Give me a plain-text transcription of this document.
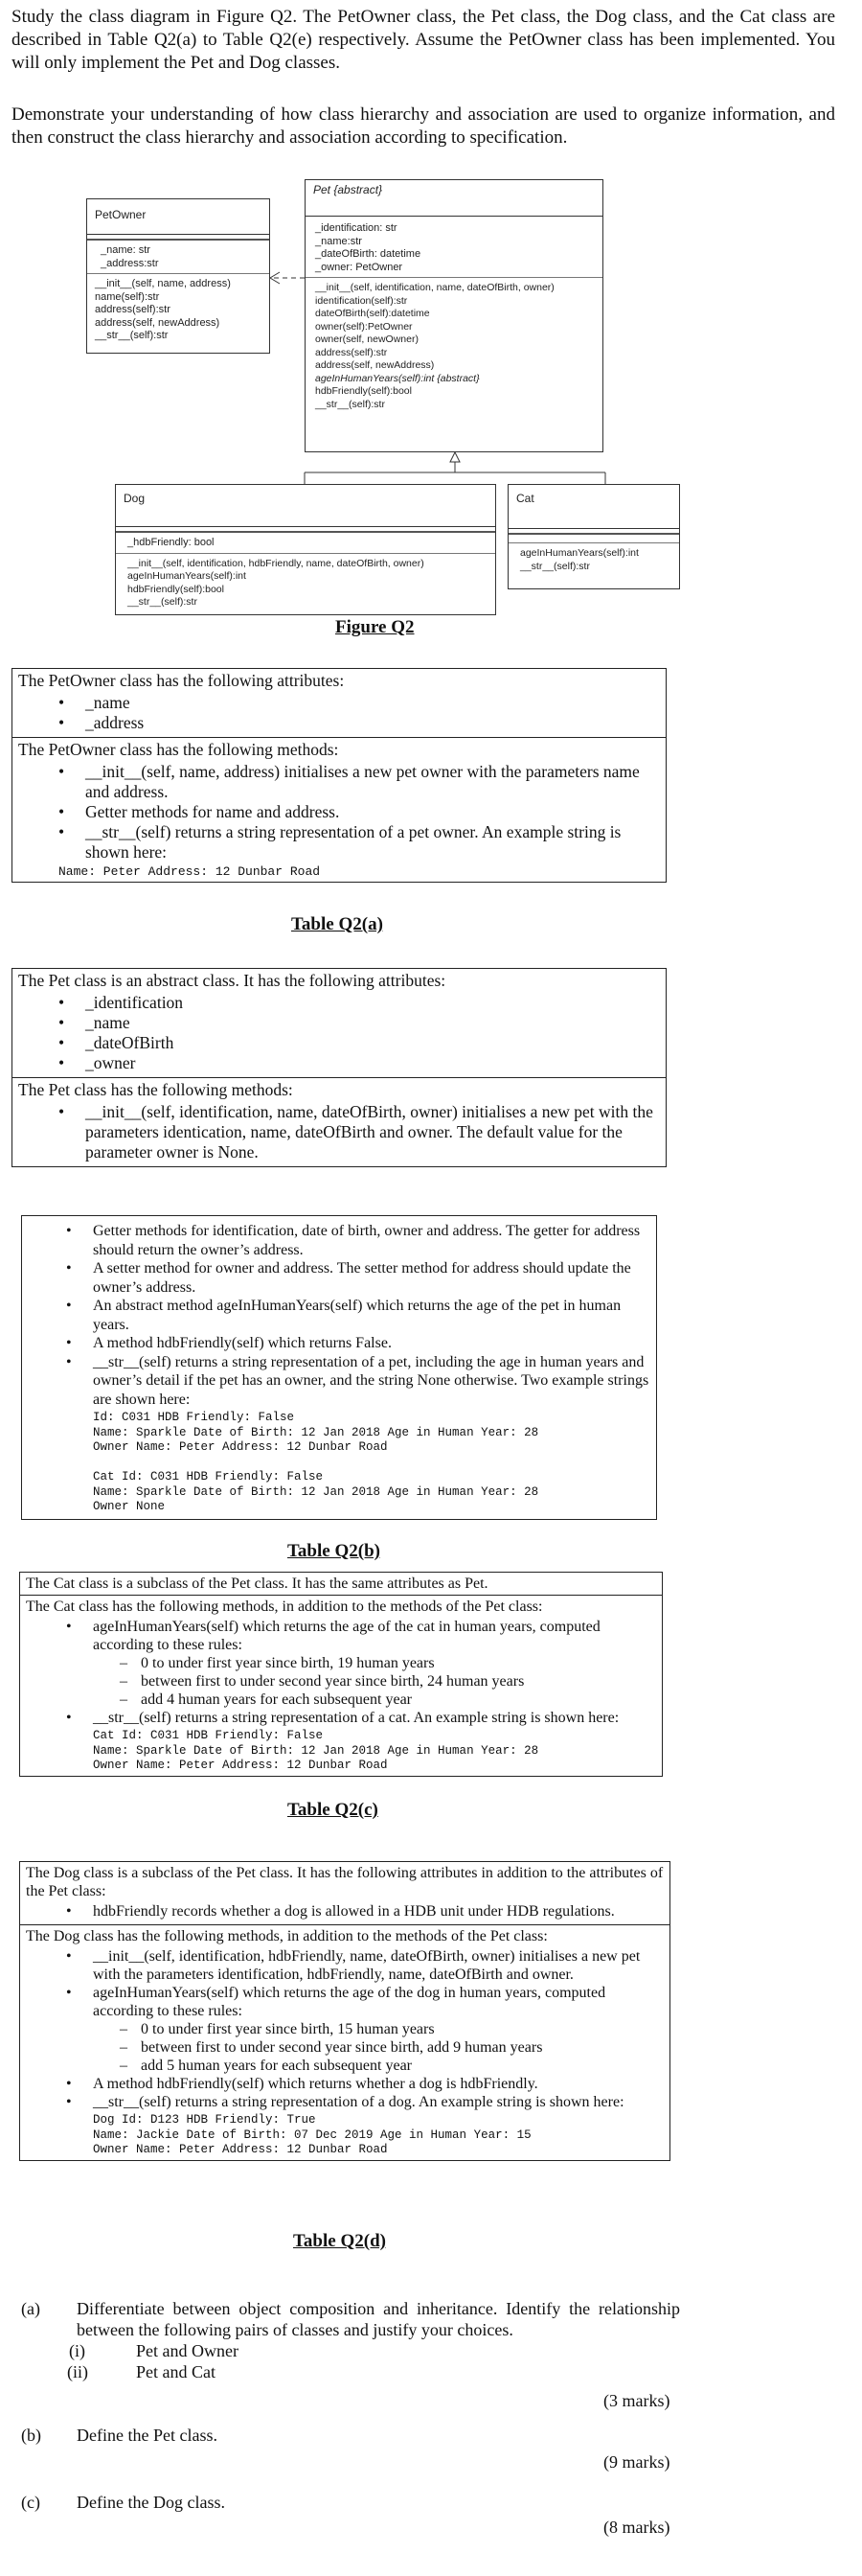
Study the class diagram in Figure Q2. The PetOwner class, the Pet class, the Dog class, and the Cat class are described in Table Q2(a) to Table Q2(e) respectively. Assume the PetOwner class has been implemented. You will only implement the Pet and Dog classes.

Demonstrate your understanding of how class hierarchy and association are used to organize information, and then construct the class hierarchy and association according to specification.

PetOwner
_name: str
_address:str
__init__(self, name, address)
name(self):str
address(self):str
address(self, newAddress)
__str__(self):str
Pet {abstract}
_identification: str
_name:str
_dateOfBirth: datetime
_owner: PetOwner
__init__(self, identification, name, dateOfBirth, owner)
identification(self):str
dateOfBirth(self):datetime
owner(self):PetOwner
owner(self, newOwner)
address(self):str
address(self, newAddress)
ageInHumanYears(self):int {abstract}
hdbFriendly(self):bool
__str__(self):str
Dog
_hdbFriendly: bool
__init__(self, identification, hdbFriendly, name, dateOfBirth, owner)
ageInHumanYears(self):int
hdbFriendly(self):bool
__str__(self):str
Cat
ageInHumanYears(self):int
__str__(self):str
Figure Q2
The PetOwner class has the following attributes:
• _name
• _address
The PetOwner class has the following methods:
• __init__(self, name, address) initialises a new pet owner with the parameters name and address.
• Getter methods for name and address.
• __str__(self) returns a string representation of a pet owner. An example string is shown here:
Name: Peter Address: 12 Dunbar Road
Table Q2(a)
The Pet class is an abstract class. It has the following attributes:
• _identification
• _name
• _dateOfBirth
• _owner
The Pet class has the following methods:
• __init__(self, identification, name, dateOfBirth, owner) initialises a new pet with the parameters identication, name, dateOfBirth and owner. The default value for the parameter owner is None.
• Getter methods for identification, date of birth, owner and address. The getter for address should return the owner’s address.
• A setter method for owner and address. The setter method for address should update the owner’s address.
• An abstract method ageInHumanYears(self) which returns the age of the pet in human years.
• A method hdbFriendly(self) which returns False.
• __str__(self) returns a string representation of a pet, including the age in human years and owner’s detail if the pet has an owner, and the string None otherwise. Two example strings are shown here:
Id: C031 HDB Friendly: False
Name: Sparkle Date of Birth: 12 Jan 2018 Age in Human Year: 28
Owner Name: Peter Address: 12 Dunbar Road

Cat Id: C031 HDB Friendly: False
Name: Sparkle Date of Birth: 12 Jan 2018 Age in Human Year: 28
Owner None
Table Q2(b)
The Cat class is a subclass of the Pet class. It has the same attributes as Pet.
The Cat class has the following methods, in addition to the methods of the Pet class:
• ageInHumanYears(self) which returns the age of the cat in human years, computed according to these rules:
– 0 to under first year since birth, 19 human years
– between first to under second year since birth, 24 human years
– add 4 human years for each subsequent year
• __str__(self) returns a string representation of a cat. An example string is shown here:
Cat Id: C031 HDB Friendly: False
Name: Sparkle Date of Birth: 12 Jan 2018 Age in Human Year: 28
Owner Name: Peter Address: 12 Dunbar Road
Table Q2(c)
The Dog class is a subclass of the Pet class. It has the following attributes in addition to the attributes of the Pet class:
• hdbFriendly records whether a dog is allowed in a HDB unit under HDB regulations.
The Dog class has the following methods, in addition to the methods of the Pet class:
• __init__(self, identification, hdbFriendly, name, dateOfBirth, owner) initialises a new pet with the parameters identification, hdbFriendly, name, dateOfBirth and owner.
• ageInHumanYears(self) which returns the age of the dog in human years, computed according to these rules:
– 0 to under first year since birth, 15 human years
– between first to under second year since birth, add 9 human years
– add 5 human years for each subsequent year
• A method hdbFriendly(self) which returns whether a dog is hdbFriendly.
• __str__(self) returns a string representation of a dog. An example string is shown here:
Dog Id: D123 HDB Friendly: True
Name: Jackie Date of Birth: 07 Dec 2019 Age in Human Year: 15
Owner Name: Peter Address: 12 Dunbar Road
Table Q2(d)
(a) Differentiate between object composition and inheritance. Identify the relationship between the following pairs of classes and justify your choices.
(i)	Pet and Owner
(ii)	Pet and Cat
(3 marks)
(b) Define the Pet class.
(9 marks)
(c) Define the Dog class.
(8 marks)
